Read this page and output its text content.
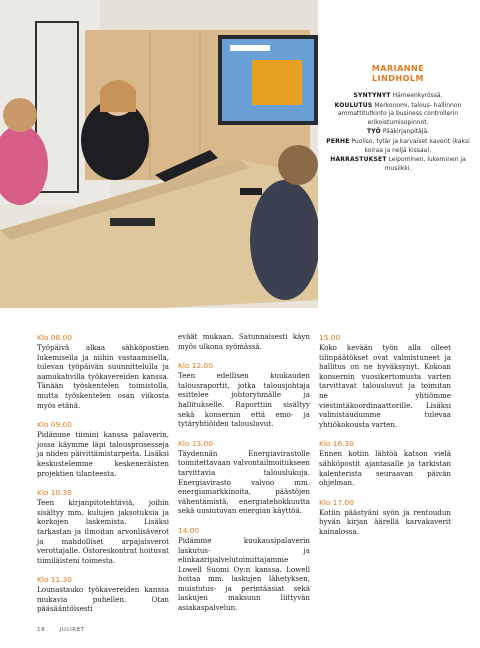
MARIANNE
LINDHOLM
SYNTYNYT Hämeenkyrössä.
KOULUTUS Merkonomi, talous- hallinnon ammattitutkinto ja business controllerin erikoistumisopinnot.
TYÖ Pääkirjanpitäjä.
PERHE Puoliso, tytär ja karvaiset kaverit (kaksi koiraa ja neljä kissaa).
HARRASTUKSET Leipominen, lukeminen ja musiikki.
Klo 08.00

Työpäivä alkaa sähköpostien lukemisella ja niihin vastaamisella, tulevan työpäivän suunnittelulla ja aamukahvilla työkavereiden kanssa. Tänään työskentelen toimistolla, mutta työskentelen osan viikosta myös etänä.

Klo 09.00

Pidämme tiimini kanssa palaverin, jossa käymme läpi talousprosesseja ja niiden päivittämistarpeita. Lisäksi keskustelemme keskeneräisten projektien tilanteesta.

Klo 10.30

Teen kirjanpitotehtäviä, joihin sisältyy mm. kulujen jaksotuksia ja korkojen laskemista. Lisäksi tarkastan ja ilmoitan arvonlisäverot ja mahdolliset arpajaisverot verottajalle. Ostoreskontrat hoituvat tiimiläisteni toimesta.

Klo 11.30

Lounastauko työkavereiden kanssa mukavia puhellen. Otan pääsääntöisesti

eväät mukaan. Satunnaisesti käyn myös ulkona syömässä.

Klo 12.00

Teen edellisen kuukauden talousraportit, jotka talousjohtaja esittelee johtoryhmälle ja hallitukselle. Raporttiin sisältyy sekä konsernin että emo- ja tytäryhtiöiden talousluvut.

Klo 13.00

Täydennän Energiavirastolle toimitettavaan valvontailmoitukseen tarvittavia talouslukuja. Energiavirasto valvoo mm. energiamarkkinoita, päästöjen vähentämistä, energiatehokkuutta sekä uusiutuvan energian käyttöä.

14.00

Pidämme kuukausipalaverin laskutus- ja elinkaaripalvelutoimittajamme Lowell Suomi Oy:n kanssa. Lowell hoitaa mm. laskujen lähetyksen, muistutus- ja perintäasiat sekä laskujen maksuun liittyvän asiakaspalvelun.

15.00

Koko kevään työn alla olleet tilinpäätökset ovat valmistuneet ja hallitus on ne hyväksynyt. Kokoan konsernin vuosikertomusta varten tarvittavat talousluvut ja toimitan ne yhtiömme viestintäkoordinaattorille. Lisäksi valmistaudumme tulevaa yhtiökokousta varten.

Klo 16.30

Ennen kotiin lähtöä katson vielä sähköpostit ajantasalle ja tarkistan kalenterista seuraavan päivän ohjelman.

Klo 17.00

Kotiin päästyäni syön ja rentoudun hyvän kirjan äärellä karvakaverit kainalossa.

18	JULIRET
